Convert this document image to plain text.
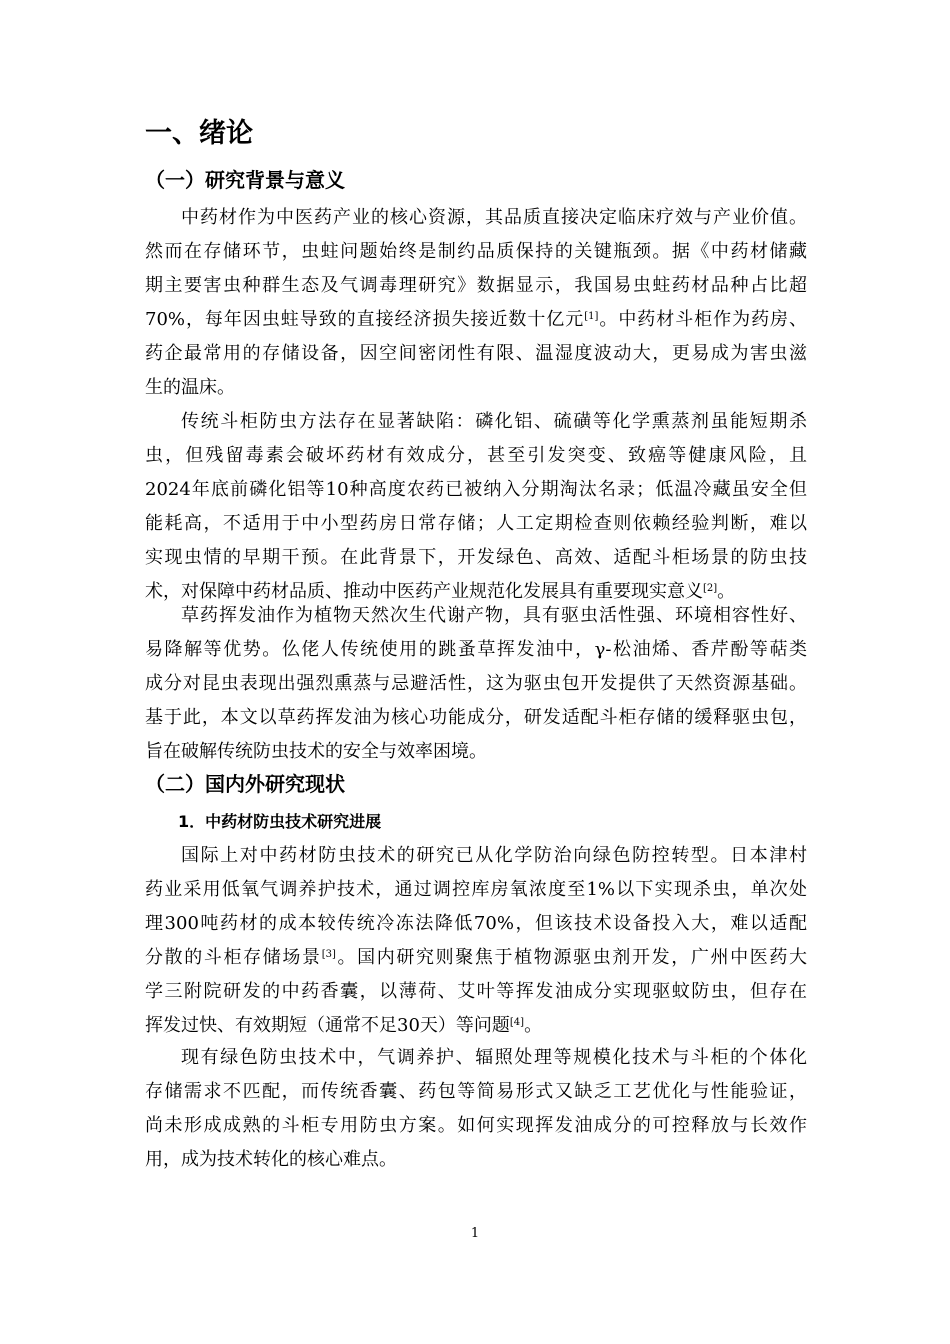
一、绪论
（一）研究背景与意义
中药材作为中医药产业的核心资源，其品质直接决定临床疗效与产业价值。
然而在存储环节，虫蛀问题始终是制约品质保持的关键瓶颈。据《中药材储藏
期主要害虫种群生态及气调毒理研究》数据显示，我国易虫蛀药材品种占比超
70%，每年因虫蛀导致的直接经济损失接近数十亿元[1]。中药材斗柜作为药房、
药企最常用的存储设备，因空间密闭性有限、温湿度波动大，更易成为害虫滋
生的温床。
传统斗柜防虫方法存在显著缺陷：磷化铝、硫磺等化学熏蒸剂虽能短期杀
虫，但残留毒素会破坏药材有效成分，甚至引发突变、致癌等健康风险，且
2024年底前磷化铝等10种高度农药已被纳入分期淘汰名录；低温冷藏虽安全但
能耗高，不适用于中小型药房日常存储；人工定期检查则依赖经验判断，难以
实现虫情的早期干预。在此背景下，开发绿色、高效、适配斗柜场景的防虫技
术，对保障中药材品质、推动中医药产业规范化发展具有重要现实意义[2]。
草药挥发油作为植物天然次生代谢产物，具有驱虫活性强、环境相容性好、
易降解等优势。仫佬人传统使用的跳蚤草挥发油中，γ-松油烯、香芹酚等萜类
成分对昆虫表现出强烈熏蒸与忌避活性，这为驱虫包开发提供了天然资源基础。
基于此，本文以草药挥发油为核心功能成分，研发适配斗柜存储的缓释驱虫包，
旨在破解传统防虫技术的安全与效率困境。
（二）国内外研究现状
1．中药材防虫技术研究进展
国际上对中药材防虫技术的研究已从化学防治向绿色防控转型。日本津村
药业采用低氧气调养护技术，通过调控库房氧浓度至1%以下实现杀虫，单次处
理300吨药材的成本较传统冷冻法降低70%，但该技术设备投入大，难以适配
分散的斗柜存储场景[3]。国内研究则聚焦于植物源驱虫剂开发，广州中医药大
学三附院研发的中药香囊，以薄荷、艾叶等挥发油成分实现驱蚊防虫，但存在
挥发过快、有效期短（通常不足30天）等问题[4]。
现有绿色防虫技术中，气调养护、辐照处理等规模化技术与斗柜的个体化
存储需求不匹配，而传统香囊、药包等简易形式又缺乏工艺优化与性能验证，
尚未形成成熟的斗柜专用防虫方案。如何实现挥发油成分的可控释放与长效作
用，成为技术转化的核心难点。
1
